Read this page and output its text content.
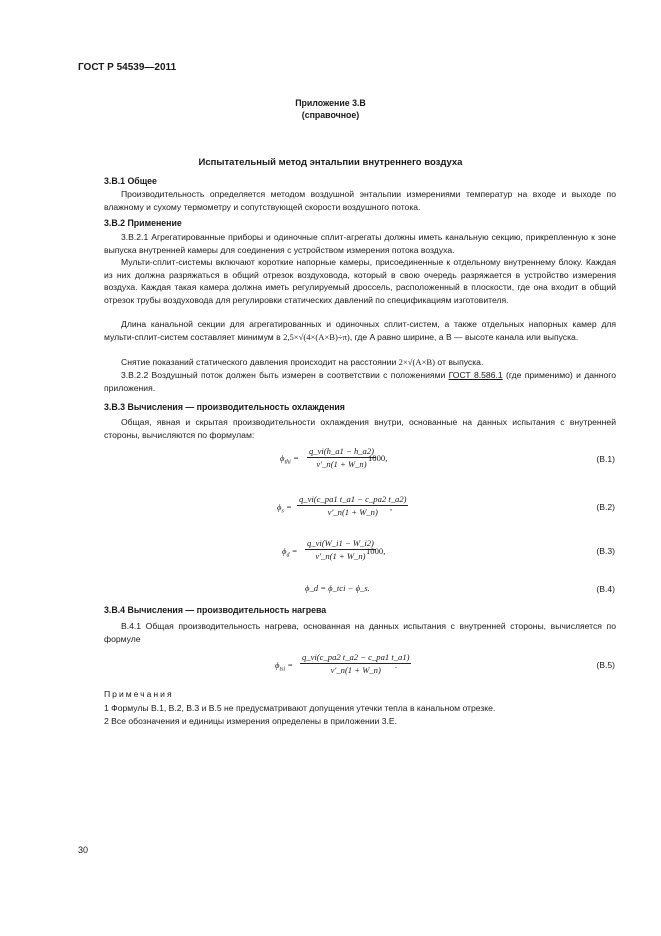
ГОСТ Р 54539—2011
Приложение 3.В
(справочное)
Испытательный метод энтальпии внутреннего воздуха
3.В.1 Общее
Производительность определяется методом воздушной энтальпии измерениями температур на входе и выходе по влажному и сухому термометру и сопутствующей скорости воздушного потока.
3.В.2 Применение
3.В.2.1 Агрегатированные приборы и одиночные сплит-агрегаты должны иметь канальную секцию, прикрепленную к зоне выпуска внутренней камеры для соединения с устройством измерения потока воздуха.
Мульти-сплит-системы включают короткие напорные камеры, присоединенные к отдельному внутреннему блоку. Каждая из них должна разряжаться в общий отрезок воздуховода, который в свою очередь разряжается в устройство измерения воздуха. Каждая такая камера должна иметь регулируемый дроссель, расположенный в плоскости, где она входит в общий отрезок трубы воздуховода для регулировки статических давлений по спецификациям изготовителя.
Длина канальной секции для агрегатированных и одиночных сплит-систем, а также отдельных напорных камер для мульти-сплит-систем составляет минимум в 2,5×√(4×(A×B)÷π), где A равно ширине, а B — высоте канала или выпуска.
Снятие показаний статического давления происходит на расстоянии 2×√(A×B) от выпуска.
3.В.2.2 Воздушный поток должен быть измерен в соответствии с положениями ГОСТ 8.586.1 (где применимо) и данного приложения.
3.В.3 Вычисления — производительность охлаждения
Общая, явная и скрытая производительности охлаждения внутри, основанные на данных испытания с внутренней стороны, вычисляются по формулам:
$\phi_{thi} = \frac{q\_vi(h\_a1 - h\_a2)}{v'\_n(1 + W\_n)}$
1000,	(В.1)
$\phi_s = \frac{q\_vi(c\_pa1 t\_a1 - c\_pa2 t\_a2)}{v'\_n(1 + W\_n)}$
,	(В.2)
$\phi_d = \frac{q\_vi(W\_i1 - W\_i2)}{v'\_n(1 + W\_n)}$
1000,	(В.3)
ϕ_d = ϕ_tci − ϕ_s.	(В.4)
3.В.4 Вычисления — производительность нагрева
В.4.1 Общая производительность нагрева, основанная на данных испытания с внутренней стороны, вычисляется по формуле
$\phi_{tsi} = \frac{q\_vi(c\_pa2 t\_a2 - c\_pa1 t\_a1)}{v'\_n(1 + W\_n)}$
.	(В.5)
Примечания
1 Формулы В.1, В.2, В.3 и В.5 не предусматривают допущения утечки тепла в канальном отрезке.
2 Все обозначения и единицы измерения определены в приложении 3.Е.
30
